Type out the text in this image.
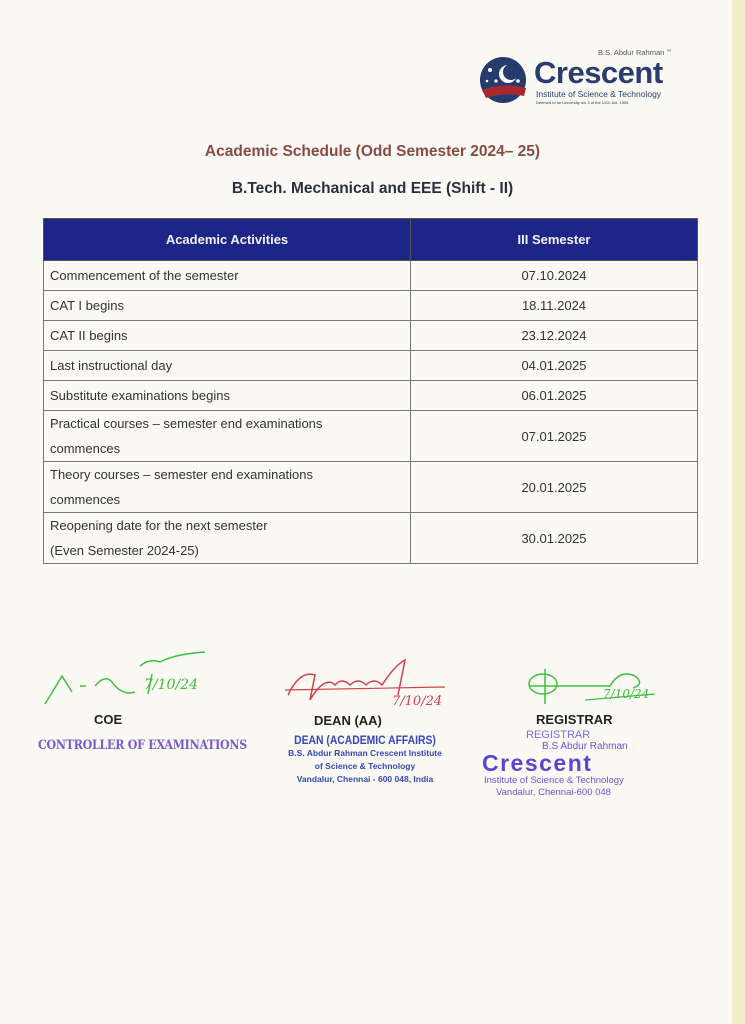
B.S. Abdur Rahman ™
Crescent
Institute of Science & Technology
Deemed to be University u/s 3 of the UGC Act, 1956
Academic Schedule (Odd Semester 2024– 25)
B.Tech. Mechanical and EEE (Shift - II)
Academic Activities	III Semester
Commencement of the semester	07.10.2024
CAT I begins	18.11.2024
CAT II begins	23.12.2024
Last instructional day	04.01.2025
Substitute examinations begins	06.01.2025

Practical courses – semester end examinations
commences	07.01.2025

Theory courses – semester end examinations
commences	20.01.2025

Reopening date for the next semester
(Even Semester 2024-25)	30.01.2025
7/10/24
COE
CONTROLLER OF EXAMINATIONS
7/10/24
DEAN (AA)
DEAN (ACADEMIC AFFAIRS)
B.S. Abdur Rahman Crescent Institute
of Science & Technology
Vandalur, Chennai - 600 048, India
7/10/24
REGISTRAR
REGISTRAR
B.S Abdur Rahman
Crescent
Institute of Science & Technology
Vandalur, Chennai-600 048
